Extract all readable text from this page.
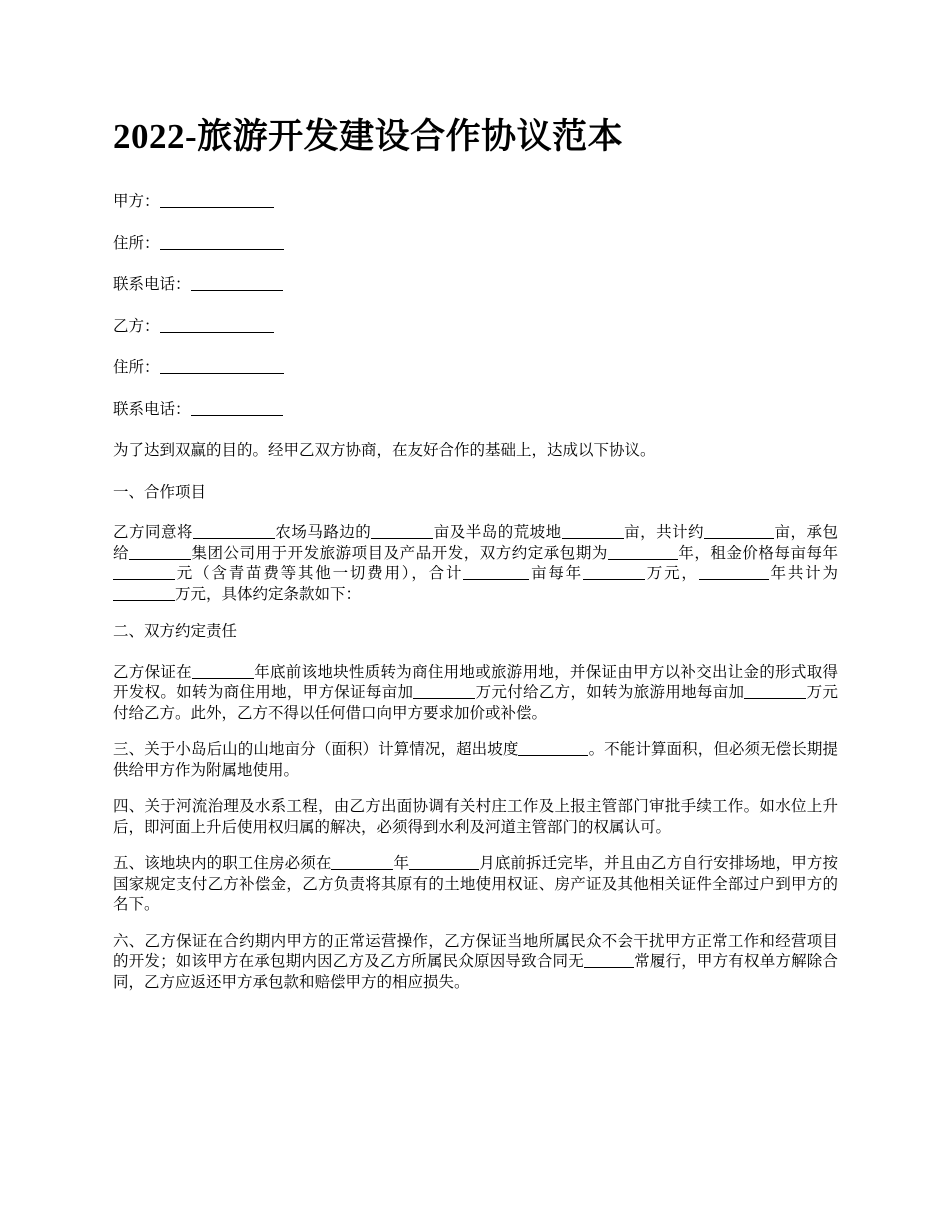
2022-旅游开发建设合作协议范本
甲方：
住所：
联系电话：
乙方：
住所：
联系电话：
为了达到双赢的目的。经甲乙双方协商，在友好合作的基础上，达成以下协议。
一、合作项目
乙方同意将	农场马路边的	亩及半岛的荒坡地	亩，共计约	亩，承包给	集团公司用于开发旅游项目及产品开发，双方约定承包期为	年，租金价格每亩每年元（含青苗费等其他一切费用），合计	亩每年	万元，	年共计为万元，具体约定条款如下：
二、双方约定责任
乙方保证在	年底前该地块性质转为商住用地或旅游用地，并保证由甲方以补交出让金的形式取得开发权。如转为商住用地，甲方保证每亩加	万元付给乙方，如转为旅游用地每亩加	万元付给乙方。此外，乙方不得以任何借口向甲方要求加价或补偿。
三、关于小岛后山的山地亩分（面积）计算情况，超出坡度	。不能计算面积，但必须无偿长期提供给甲方作为附属地使用。
四、关于河流治理及水系工程，由乙方出面协调有关村庄工作及上报主管部门审批手续工作。如水位上升后，即河面上升后使用权归属的解决，必须得到水利及河道主管部门的权属认可。
五、该地块内的职工住房必须在	年	月底前拆迁完毕，并且由乙方自行安排场地，甲方按国家规定支付乙方补偿金，乙方负责将其原有的土地使用权证、房产证及其他相关证件全部过户到甲方的名下。
六、乙方保证在合约期内甲方的正常运营操作，乙方保证当地所属民众不会干扰甲方正常工作和经营项目的开发；如该甲方在承包期内因乙方及乙方所属民众原因导致合同无	常履行，甲方有权单方解除合同，乙方应返还甲方承包款和赔偿甲方的相应损失。
